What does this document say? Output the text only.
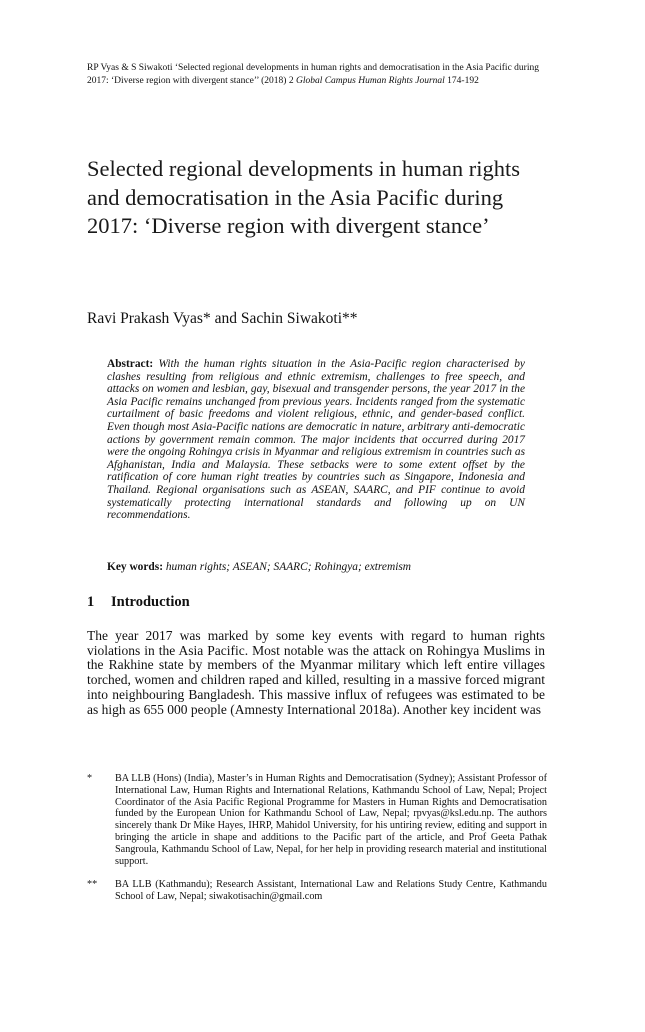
RP Vyas & S Siwakoti ‘Selected regional developments in human rights and democratisation in the Asia Pacific during 2017: ‘Diverse region with divergent stance’’ (2018) 2 Global Campus Human Rights Journal 174-192
Selected regional developments in human rights and democratisation in the Asia Pacific during 2017: ‘Diverse region with divergent stance’

Ravi Prakash Vyas* and Sachin Siwakoti**

Abstract: With the human rights situation in the Asia-Pacific region characterised by clashes resulting from religious and ethnic extremism, challenges to free speech, and attacks on women and lesbian, gay, bisexual and transgender persons, the year 2017 in the Asia Pacific remains unchanged from previous years. Incidents ranged from the systematic curtailment of basic freedoms and violent religious, ethnic, and gender-based conflict. Even though most Asia-Pacific nations are democratic in nature, arbitrary anti-democratic actions by government remain common. The major incidents that occurred during 2017 were the ongoing Rohingya crisis in Myanmar and religious extremism in countries such as Afghanistan, India and Malaysia. These setbacks were to some extent offset by the ratification of core human right treaties by countries such as Singapore, Indonesia and Thailand. Regional organisations such as ASEAN, SAARC, and PIF continue to avoid systematically protecting international standards and following up on UN recommendations.
Key words: human rights; ASEAN; SAARC; Rohingya; extremism
1 Introduction

The year 2017 was marked by some key events with regard to human rights violations in the Asia Pacific. Most notable was the attack on Rohingya Muslims in the Rakhine state by members of the Myanmar military which left entire villages torched, women and children raped and killed, resulting in a massive forced migrant into neighbouring Bangladesh. This massive influx of refugees was estimated to be as high as 655 000 people (Amnesty International 2018a). Another key incident was

*	BA LLB (Hons) (India), Master’s in Human Rights and Democratisation (Sydney); Assistant Professor of International Law, Human Rights and International Relations, Kathmandu School of Law, Nepal; Project Coordinator of the Asia Pacific Regional Programme for Masters in Human Rights and Democratisation funded by the European Union for Kathmandu School of Law, Nepal; rpvyas@ksl.edu.np. The authors sincerely thank Dr Mike Hayes, IHRP, Mahidol University, for his untiring review, editing and support in bringing the article in shape and additions to the Pacific part of the article, and Prof Geeta Pathak Sangroula, Kathmandu School of Law, Nepal, for her help in providing research material and institutional support.
**	BA LLB (Kathmandu); Research Assistant, International Law and Relations Study Centre, Kathmandu School of Law, Nepal; siwakotisachin@gmail.com
